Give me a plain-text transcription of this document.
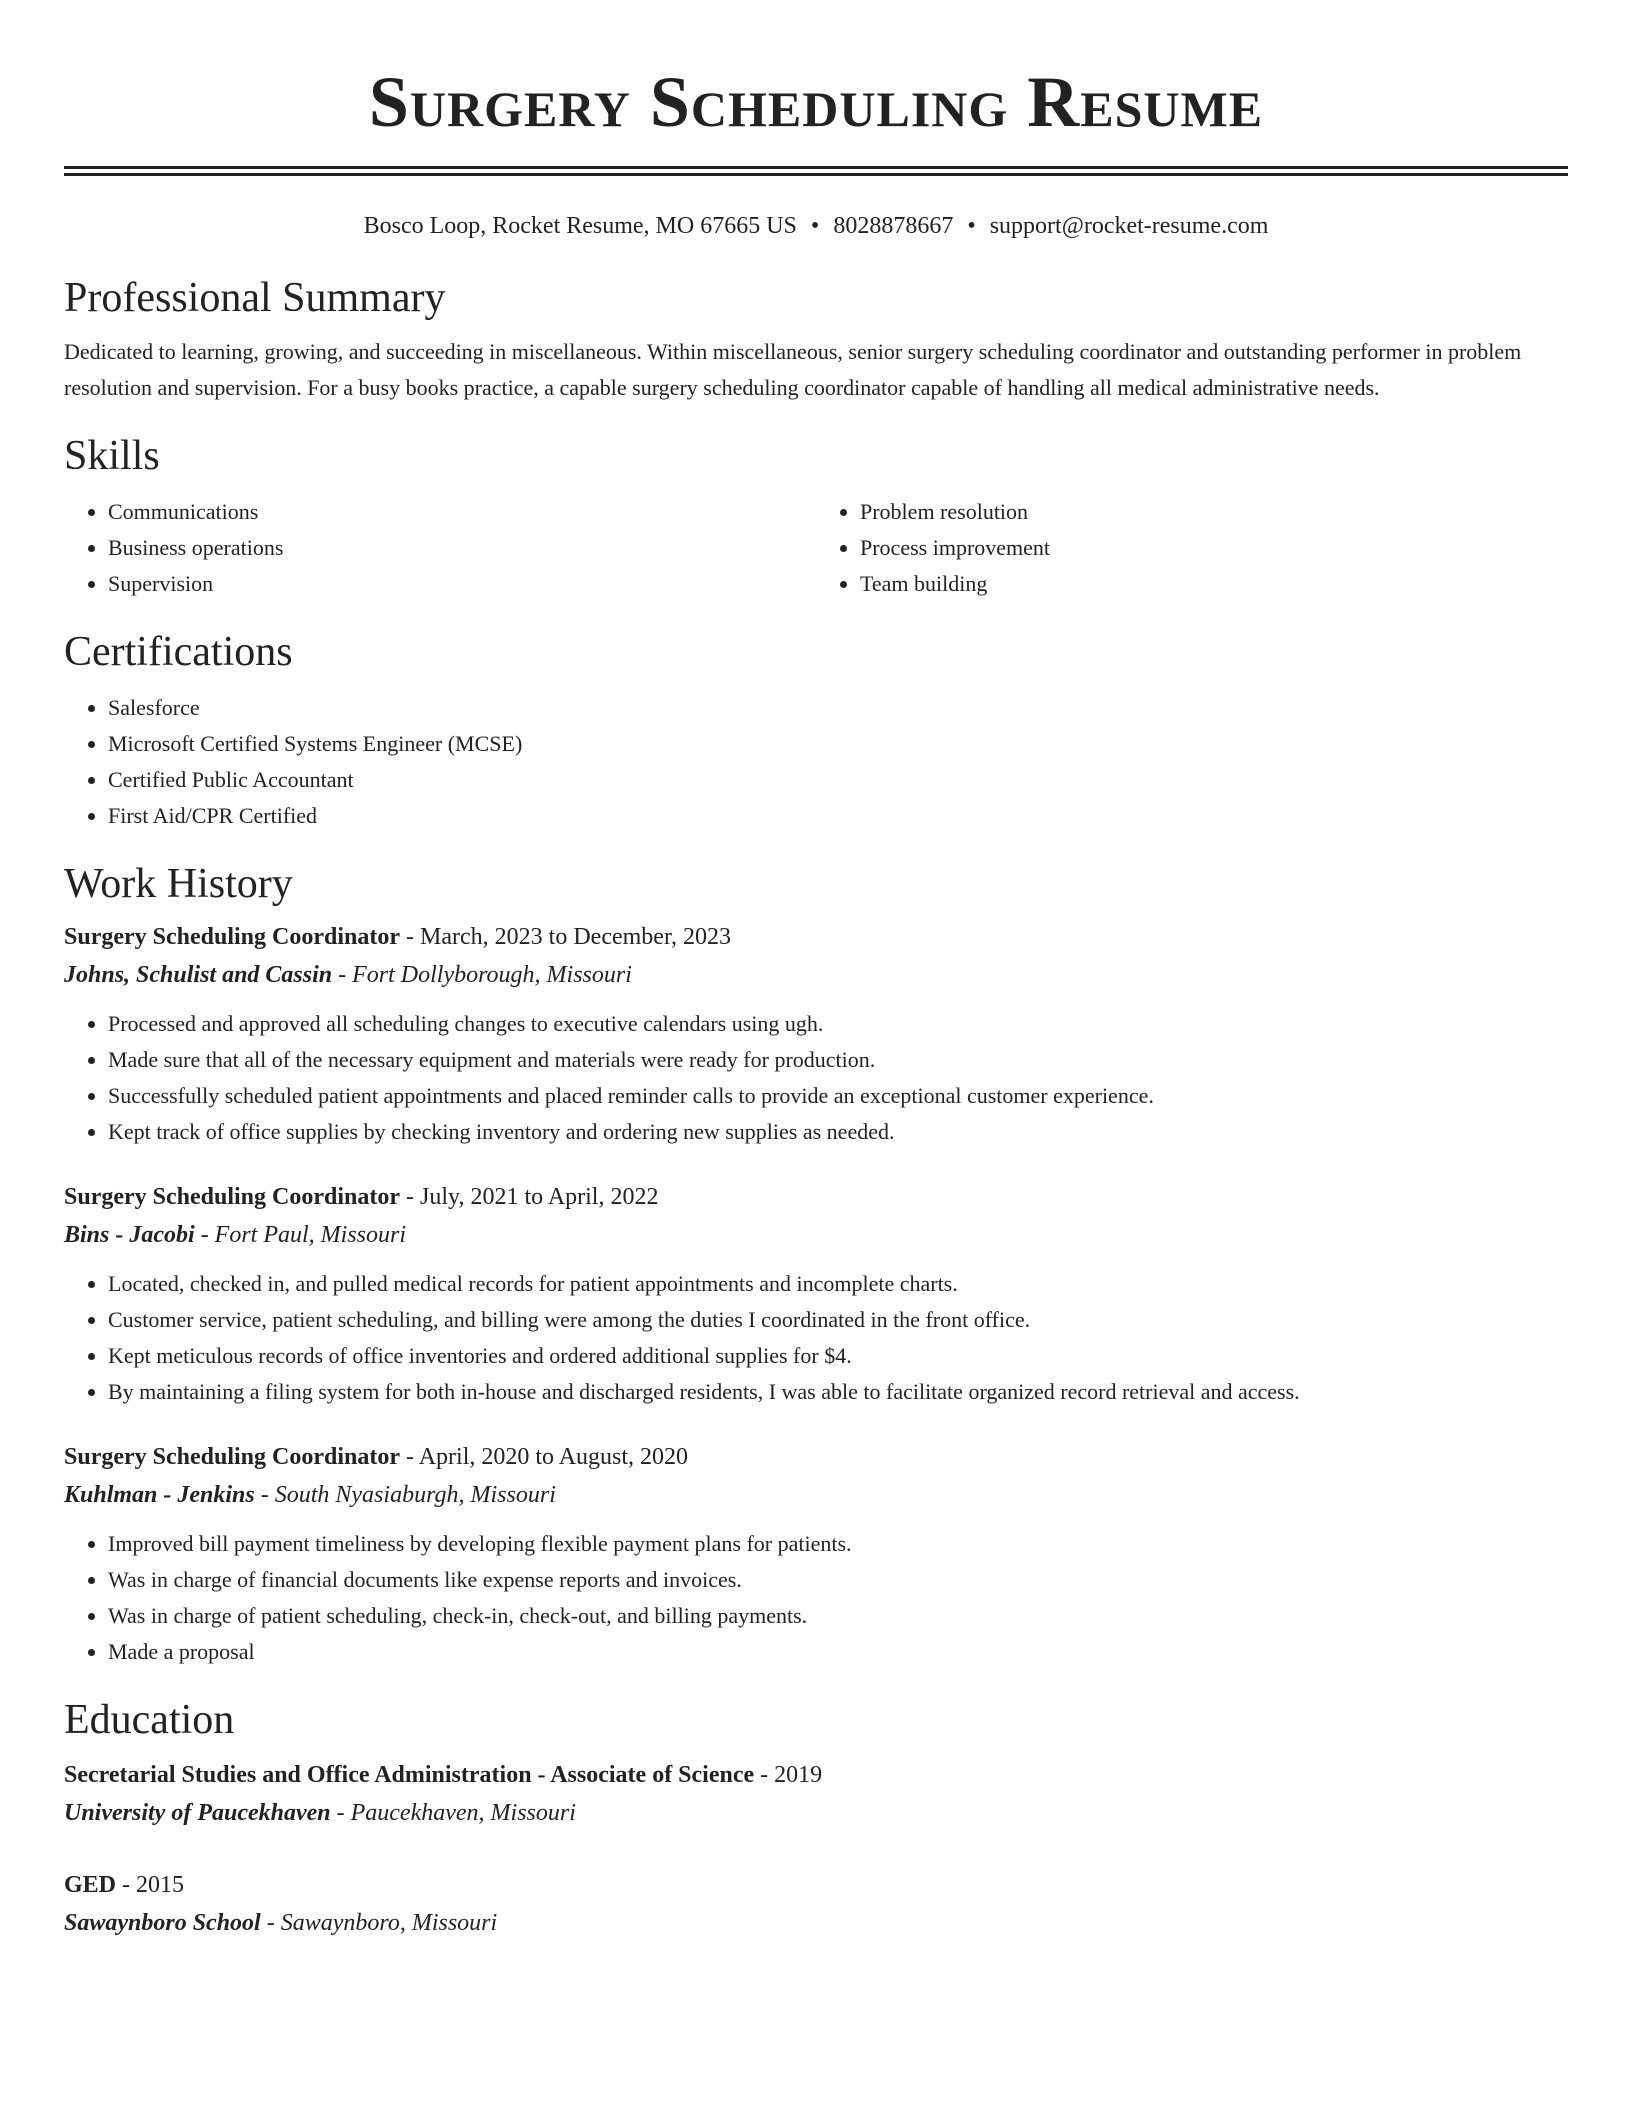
Surgery Scheduling Resume
Bosco Loop, Rocket Resume, MO 67665 US • 8028878667 • support@rocket-resume.com
Professional Summary

Dedicated to learning, growing, and succeeding in miscellaneous. Within miscellaneous, senior surgery scheduling coordinator and outstanding performer in problem resolution and supervision. For a busy books practice, a capable surgery scheduling coordinator capable of handling all medical administrative needs.

Skills
• Communications
• Business operations
• Supervision
• Problem resolution
• Process improvement
• Team building
Certifications
• Salesforce
• Microsoft Certified Systems Engineer (MCSE)
• Certified Public Accountant
• First Aid/CPR Certified
Work History
Surgery Scheduling Coordinator - March, 2023 to December, 2023
Johns, Schulist and Cassin - Fort Dollyborough, Missouri
• Processed and approved all scheduling changes to executive calendars using ugh.
• Made sure that all of the necessary equipment and materials were ready for production.
• Successfully scheduled patient appointments and placed reminder calls to provide an exceptional customer experience.
• Kept track of office supplies by checking inventory and ordering new supplies as needed.
Surgery Scheduling Coordinator - July, 2021 to April, 2022
Bins - Jacobi - Fort Paul, Missouri
• Located, checked in, and pulled medical records for patient appointments and incomplete charts.
• Customer service, patient scheduling, and billing were among the duties I coordinated in the front office.
• Kept meticulous records of office inventories and ordered additional supplies for $4.
• By maintaining a filing system for both in-house and discharged residents, I was able to facilitate organized record retrieval and access.
Surgery Scheduling Coordinator - April, 2020 to August, 2020
Kuhlman - Jenkins - South Nyasiaburgh, Missouri
• Improved bill payment timeliness by developing flexible payment plans for patients.
• Was in charge of financial documents like expense reports and invoices.
• Was in charge of patient scheduling, check-in, check-out, and billing payments.
• Made a proposal
Education
Secretarial Studies and Office Administration - Associate of Science - 2019
University of Paucekhaven - Paucekhaven, Missouri
GED - 2015
Sawaynboro School - Sawaynboro, Missouri
